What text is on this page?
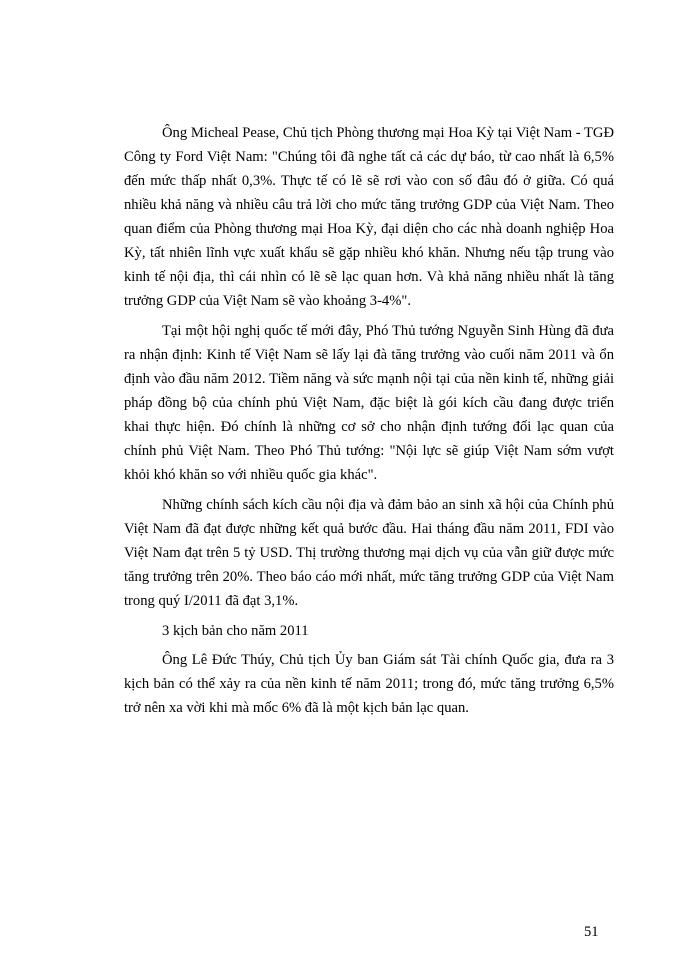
Ông Micheal Pease, Chủ tịch Phòng thương mại Hoa Kỳ tại Việt Nam - TGĐ Công ty Ford Việt Nam: "Chúng tôi đã nghe tất cả các dự báo, từ cao nhất là 6,5% đến mức thấp nhất 0,3%. Thực tế có lẽ sẽ rơi vào con số đâu đó ở giữa. Có quá nhiều khả năng và nhiều câu trả lời cho mức tăng trưởng GDP của Việt Nam. Theo quan điểm của Phòng thương mại Hoa Kỳ, đại diện cho các nhà doanh nghiệp Hoa Kỳ, tất nhiên lĩnh vực xuất khẩu sẽ gặp nhiều khó khăn. Nhưng nếu tập trung vào kinh tế nội địa, thì cái nhìn có lẽ sẽ lạc quan hơn. Và khả năng nhiều nhất là tăng trưởng GDP của Việt Nam sẽ vào khoảng 3-4%".

Tại một hội nghị quốc tế mới đây, Phó Thủ tướng Nguyễn Sinh Hùng đã đưa ra nhận định: Kinh tế Việt Nam sẽ lấy lại đà tăng trưởng vào cuối năm 2011 và ổn định vào đầu năm 2012. Tiềm năng và sức mạnh nội tại của nền kinh tế, những giải pháp đồng bộ của chính phủ Việt Nam, đặc biệt là gói kích cầu đang được triển khai thực hiện. Đó chính là những cơ sở cho nhận định tướng đối lạc quan của chính phủ Việt Nam. Theo Phó Thủ tướng: "Nội lực sẽ giúp Việt Nam sớm vượt khỏi khó khăn so với nhiều quốc gia khác".

Những chính sách kích cầu nội địa và đảm bảo an sinh xã hội của Chính phủ Việt Nam đã đạt được những kết quả bước đầu. Hai tháng đầu năm 2011, FDI vào Việt Nam đạt trên 5 tỷ USD. Thị trường thương mại dịch vụ của vẫn giữ được mức tăng trưởng trên 20%. Theo báo cáo mới nhất, mức tăng trưởng GDP của Việt Nam trong quý I/2011 đã đạt 3,1%.

3 kịch bản cho năm 2011

Ông Lê Đức Thúy, Chủ tịch Ủy ban Giám sát Tài chính Quốc gia, đưa ra 3 kịch bản có thể xảy ra của nền kinh tế năm 2011; trong đó, mức tăng trưởng 6,5% trở nên xa vời khi mà mốc 6% đã là một kịch bản lạc quan.

51
